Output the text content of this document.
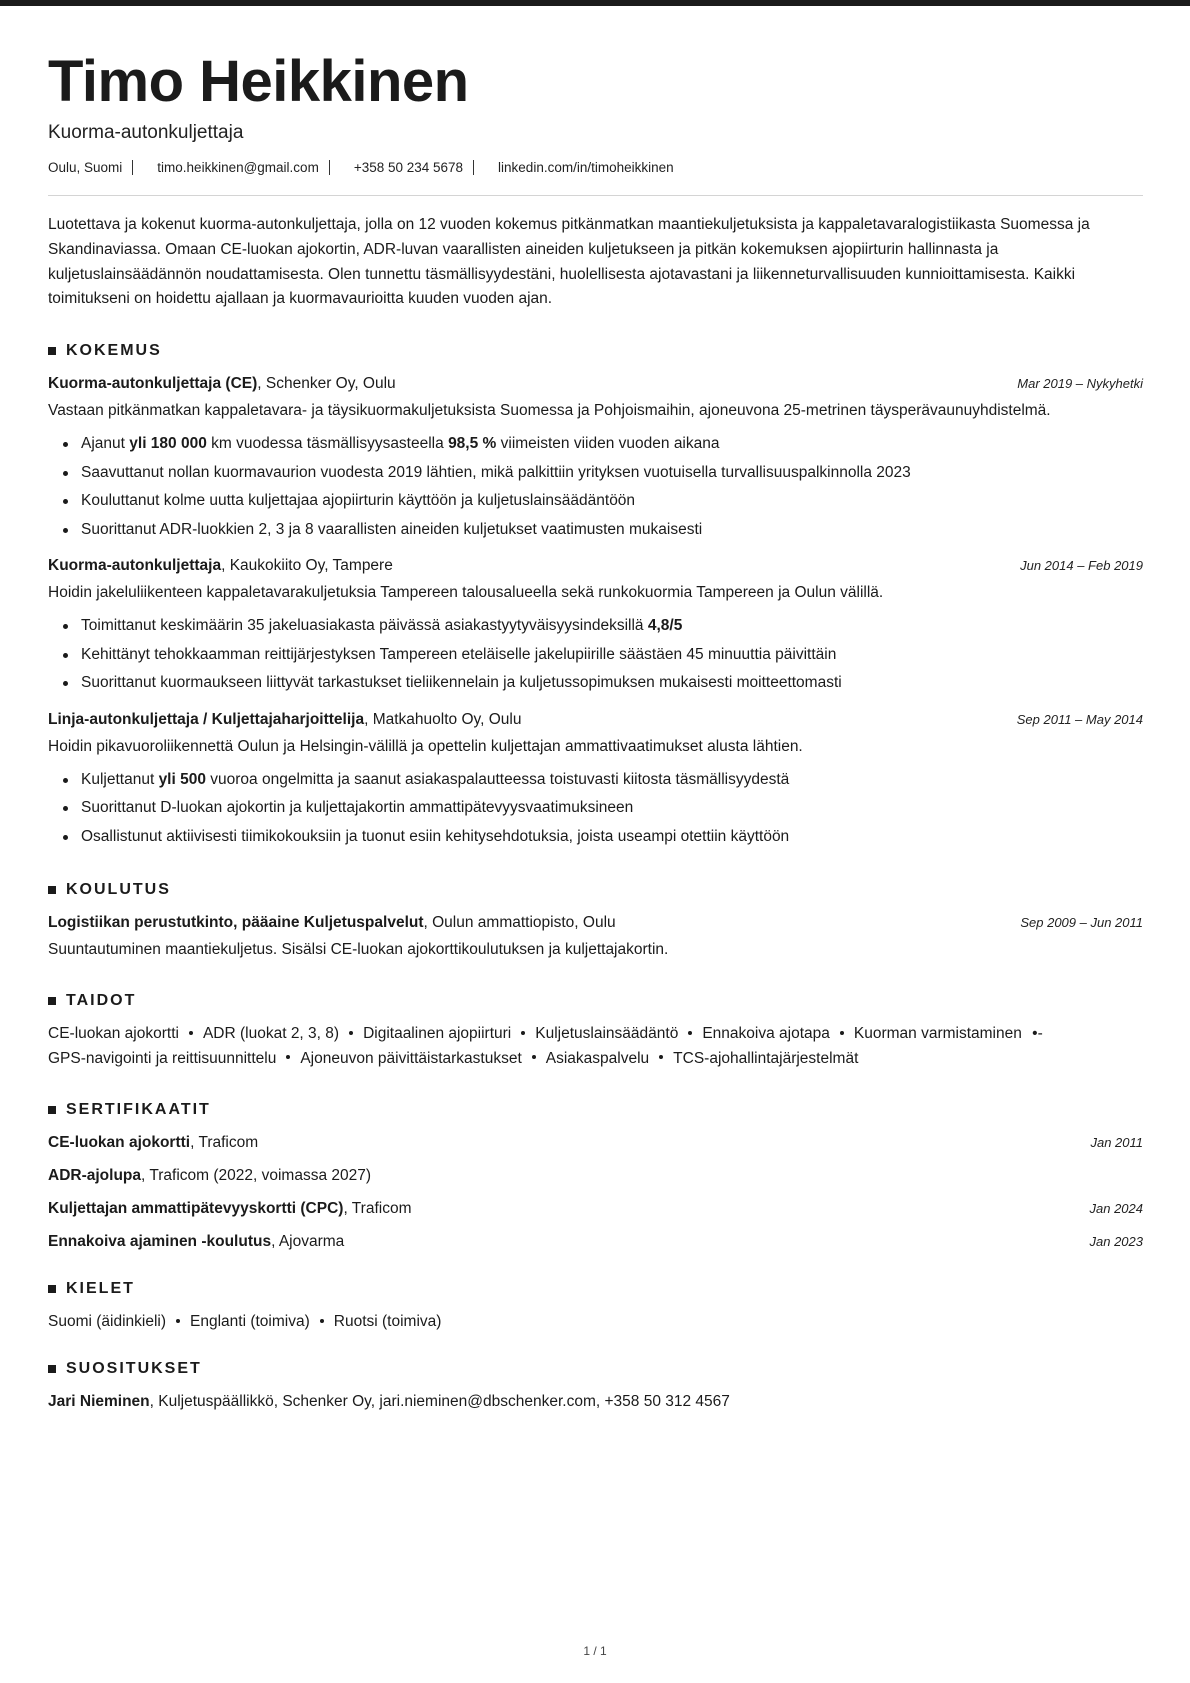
Timo Heikkinen
Kuorma-autonkuljettaja
Oulu, Suomi	timo.heikkinen@gmail.com	+358 50 234 5678	linkedin.com/in/timoheikkinen
Luotettava ja kokenut kuorma-autonkuljettaja, jolla on 12 vuoden kokemus pitkänmatkan maantiekuljetuksista ja kappaletavaralogistiikasta Suomessa ja Skandinaviassa. Omaan CE-luokan ajokortin, ADR-luvan vaarallisten aineiden kuljetukseen ja pitkän kokemuksen ajopiirturin hallinnasta ja kuljetuslainsäädännön noudattamisesta. Olen tunnettu täsmällisyydestäni, huolellisesta ajotavastani ja liikenneturvallisuuden kunnioittamisesta. Kaikki toimitukseni on hoidettu ajallaan ja kuormavaurioitta kuuden vuoden ajan.
KOKEMUS
Kuorma-autonkuljettaja (CE), Schenker Oy, Oulu	Mar 2019 – Nykyhetki
Vastaan pitkänmatkan kappaletavara- ja täysikuormakuljetuksista Suomessa ja Pohjoismaihin, ajoneuvona 25-metrinen täysperävaunuyhdistelmä.
Ajanut yli 180 000 km vuodessa täsmällisyysasteella 98,5 % viimeisten viiden vuoden aikana
Saavuttanut nollan kuormavaurion vuodesta 2019 lähtien, mikä palkittiin yrityksen vuotuisella turvallisuuspalkinnolla 2023
Kouluttanut kolme uutta kuljettajaa ajopiirturin käyttöön ja kuljetuslainsäädäntöön
Suorittanut ADR-luokkien 2, 3 ja 8 vaarallisten aineiden kuljetukset vaatimusten mukaisesti
Kuorma-autonkuljettaja, Kaukokiito Oy, Tampere	Jun 2014 – Feb 2019
Hoidin jakeluliikenteen kappaletavarakuljetuksia Tampereen talousalueella sekä runkokuormia Tampereen ja Oulun välillä.
Toimittanut keskimäärin 35 jakeluasiakasta päivässä asiakastyytyväisyysindeksillä 4,8/5
Kehittänyt tehokkaamman reittijärjestyksen Tampereen eteläiselle jakelupiirille säästäen 45 minuuttia päivittäin
Suorittanut kuormaukseen liittyvät tarkastukset tieliikennelain ja kuljetussopimuksen mukaisesti moitteettomasti
Linja-autonkuljettaja / Kuljettajaharjoittelija, Matkahuolto Oy, Oulu	Sep 2011 – May 2014
Hoidin pikavuoroliikennettä Oulun ja Helsingin-välillä ja opettelin kuljettajan ammattivaatimukset alusta lähtien.
Kuljettanut yli 500 vuoroa ongelmitta ja saanut asiakaspalautteessa toistuvasti kiitosta täsmällisyydestä
Suorittanut D-luokan ajokortin ja kuljettajakortin ammattipätevyysvaatimuksineen
Osallistunut aktiivisesti tiimikokouksiin ja tuonut esiin kehitysehdotuksia, joista useampi otettiin käyttöön
KOULUTUS
Logistiikan perustutkinto, pääaine Kuljetuspalvelut, Oulun ammattiopisto, Oulu	Sep 2009 – Jun 2011
Suuntautuminen maantiekuljetus. Sisälsi CE-luokan ajokorttikoulutuksen ja kuljettajakortin.
TAIDOT
CE-luokan ajokortti ADR (luokat 2, 3, 8) Digitaalinen ajopiirturi Kuljetuslainsäädäntö Ennakoiva ajotapa Kuorman varmistaminen •-
GPS-navigointi ja reittisuunnittelu Ajoneuvon päivittäistarkastukset Asiakaspalvelu TCS-ajohallintajärjestelmät
SERTIFIKAATIT
CE-luokan ajokortti, Traficom	Jan 2011
ADR-ajolupa, Traficom (2022, voimassa 2027)
Kuljettajan ammattipätevyyskortti (CPC), Traficom	Jan 2024
Ennakoiva ajaminen -koulutus, Ajovarma	Jan 2023
KIELET
Suomi (äidinkieli) Englanti (toimiva) Ruotsi (toimiva)
SUOSITUKSET
Jari Nieminen, Kuljetuspäällikkö, Schenker Oy, jari.nieminen@dbschenker.com, +358 50 312 4567
1 / 1
